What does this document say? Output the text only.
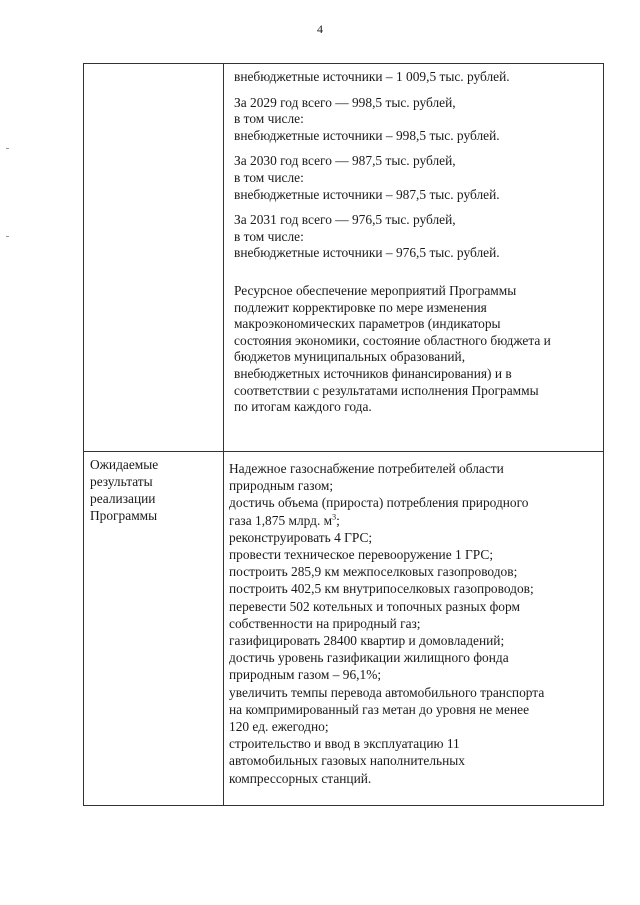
4

внебюджетные источники – 1 009,5 тыс. рублей.

За 2029 год всего — 998,5 тыс. рублей,

в том числе:

внебюджетные источники – 998,5 тыс. рублей.

За 2030 год всего — 987,5 тыс. рублей,

в том числе:

внебюджетные источники – 987,5 тыс. рублей.

За 2031 год всего — 976,5 тыс. рублей,

в том числе:

внебюджетные источники – 976,5 тыс. рублей.

Ресурсное обеспечение мероприятий Программы

подлежит корректировке по мере изменения

макроэкономических параметров (индикаторы

состояния экономики, состояние областного бюджета и

бюджетов муниципальных образований,

внебюджетных источников финансирования) и в

соответствии с результатами исполнения Программы

по итогам каждого года.

Ожидаемые

результаты

реализации

Программы

Надежное газоснабжение потребителей области

природным газом;

достичь объема (прироста) потребления природного

газа 1,875 млрд. $м^3$;

реконструировать 4 ГРС;

провести техническое перевооружение 1 ГРС;

построить 285,9 км межпоселковых газопроводов;

построить 402,5 км внутрипоселковых газопроводов;

перевести 502 котельных и топочных разных форм

собственности на природный газ;

газифицировать 28400 квартир и домовладений;

достичь уровень газификации жилищного фонда

природным газом – 96,1%;

увеличить темпы перевода автомобильного транспорта

на компримированный газ метан до уровня не менее

120 ед. ежегодно;

строительство и ввод в эксплуатацию 11

автомобильных газовых наполнительных

компрессорных станций.
